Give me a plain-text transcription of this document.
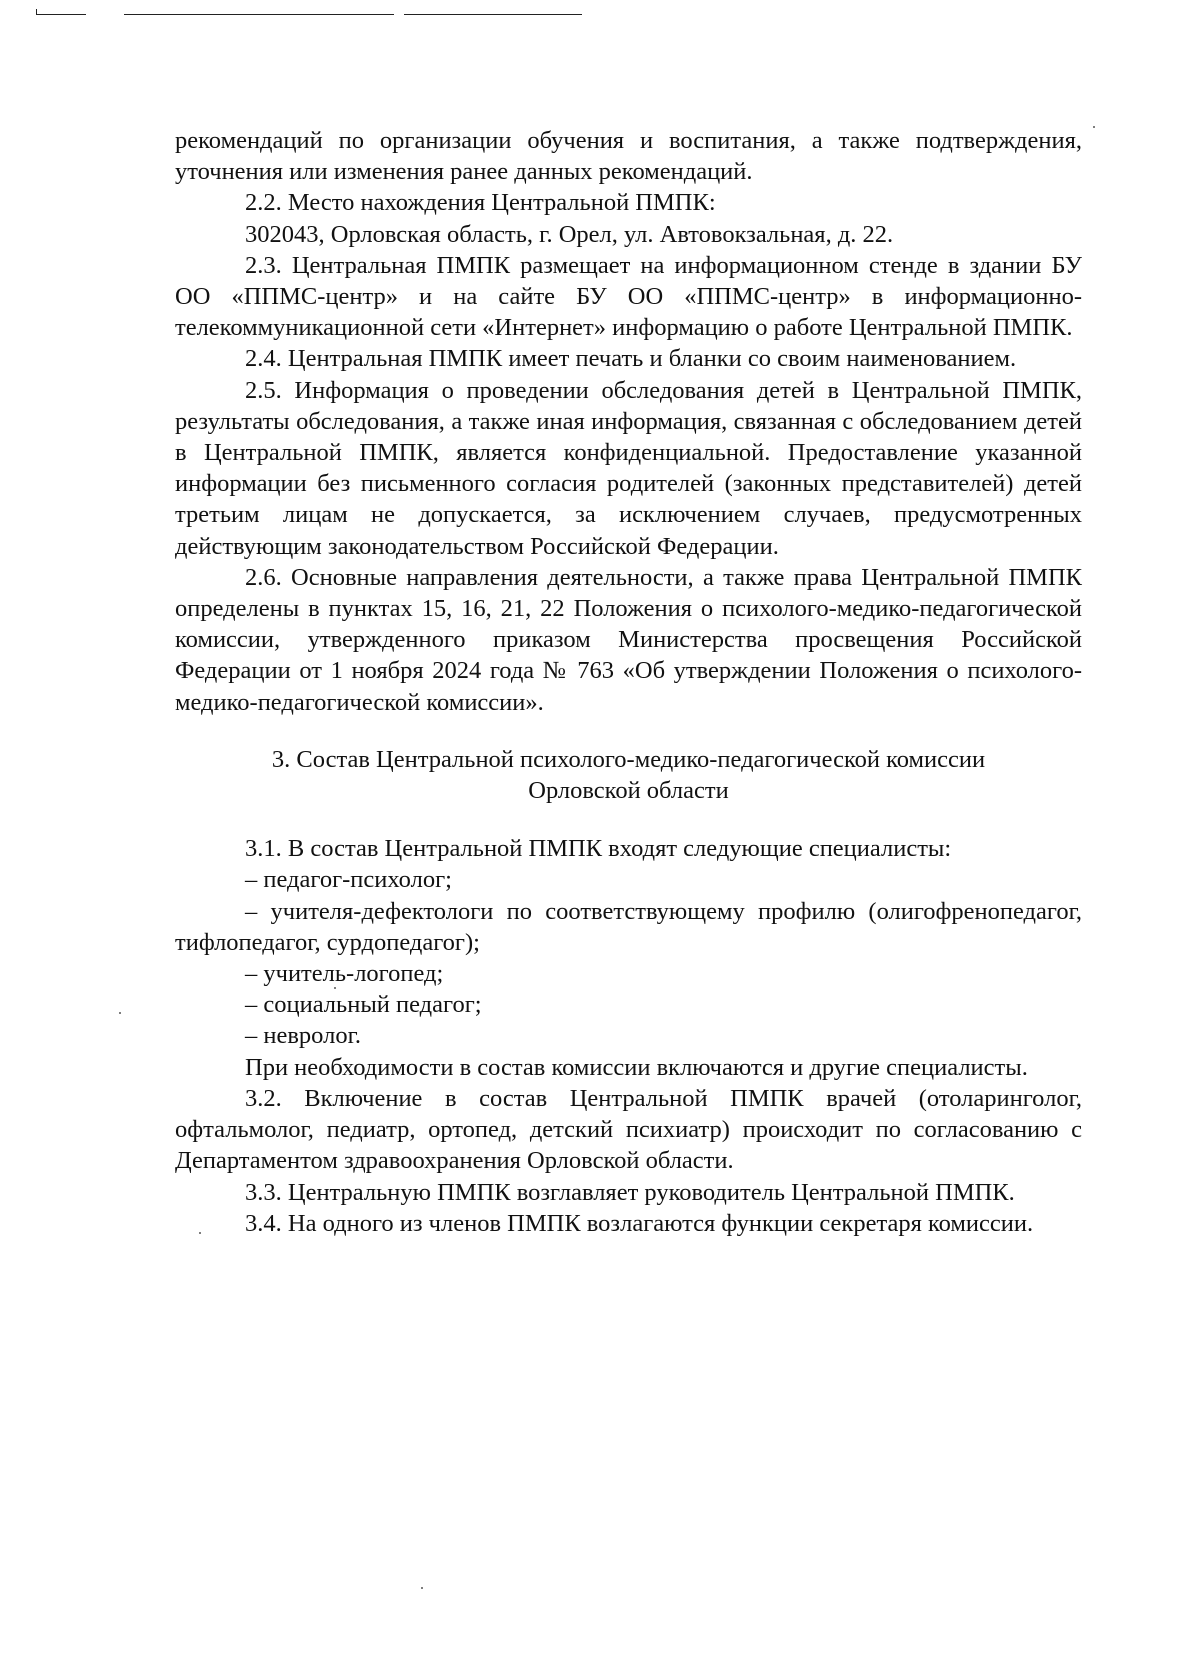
рекомендаций по организации обучения и воспитания, а также подтверждения, уточнения или изменения ранее данных рекомендаций.

2.2. Место нахождения Центральной ПМПК:

302043, Орловская область, г. Орел, ул. Автовокзальная, д. 22.

2.3. Центральная ПМПК размещает на информационном стенде в здании БУ ОО «ППМС-центр» и на сайте БУ ОО «ППМС-центр» в информационно-телекоммуникационной сети «Интернет» информацию о работе Центральной ПМПК.

2.4. Центральная ПМПК имеет печать и бланки со своим наименованием.

2.5. Информация о проведении обследования детей в Центральной ПМПК, результаты обследования, а также иная информация, связанная с обследованием детей в Центральной ПМПК, является конфиденциальной. Предоставление указанной информации без письменного согласия родителей (законных представителей) детей третьим лицам не допускается, за исключением случаев, предусмотренных действующим законодательством Российской Федерации.

2.6. Основные направления деятельности, а также права Центральной ПМПК определены в пунктах 15, 16, 21, 22 Положения о психолого-медико-педагогической комиссии, утвержденного приказом Министерства просвещения Российской Федерации от 1 ноября 2024 года № 763 «Об утверждении Положения о психолого-медико-педагогической комиссии».

3. Состав Центральной психолого-медико-педагогической комиссии
Орловской области

3.1. В состав Центральной ПМПК входят следующие специалисты:

– педагог-психолог;

– учителя-дефектологи по соответствующему профилю (олигофренопедагог, тифлопедагог, сурдопедагог);

– учитель-логопед;

– социальный педагог;

– невролог.

При необходимости в состав комиссии включаются и другие специалисты.

3.2. Включение в состав Центральной ПМПК врачей (отоларинголог, офтальмолог, педиатр, ортопед, детский психиатр) происходит по согласованию с Департаментом здравоохранения Орловской области.

3.3. Центральную ПМПК возглавляет руководитель Центральной ПМПК.

3.4. На одного из членов ПМПК возлагаются функции секретаря комиссии.
